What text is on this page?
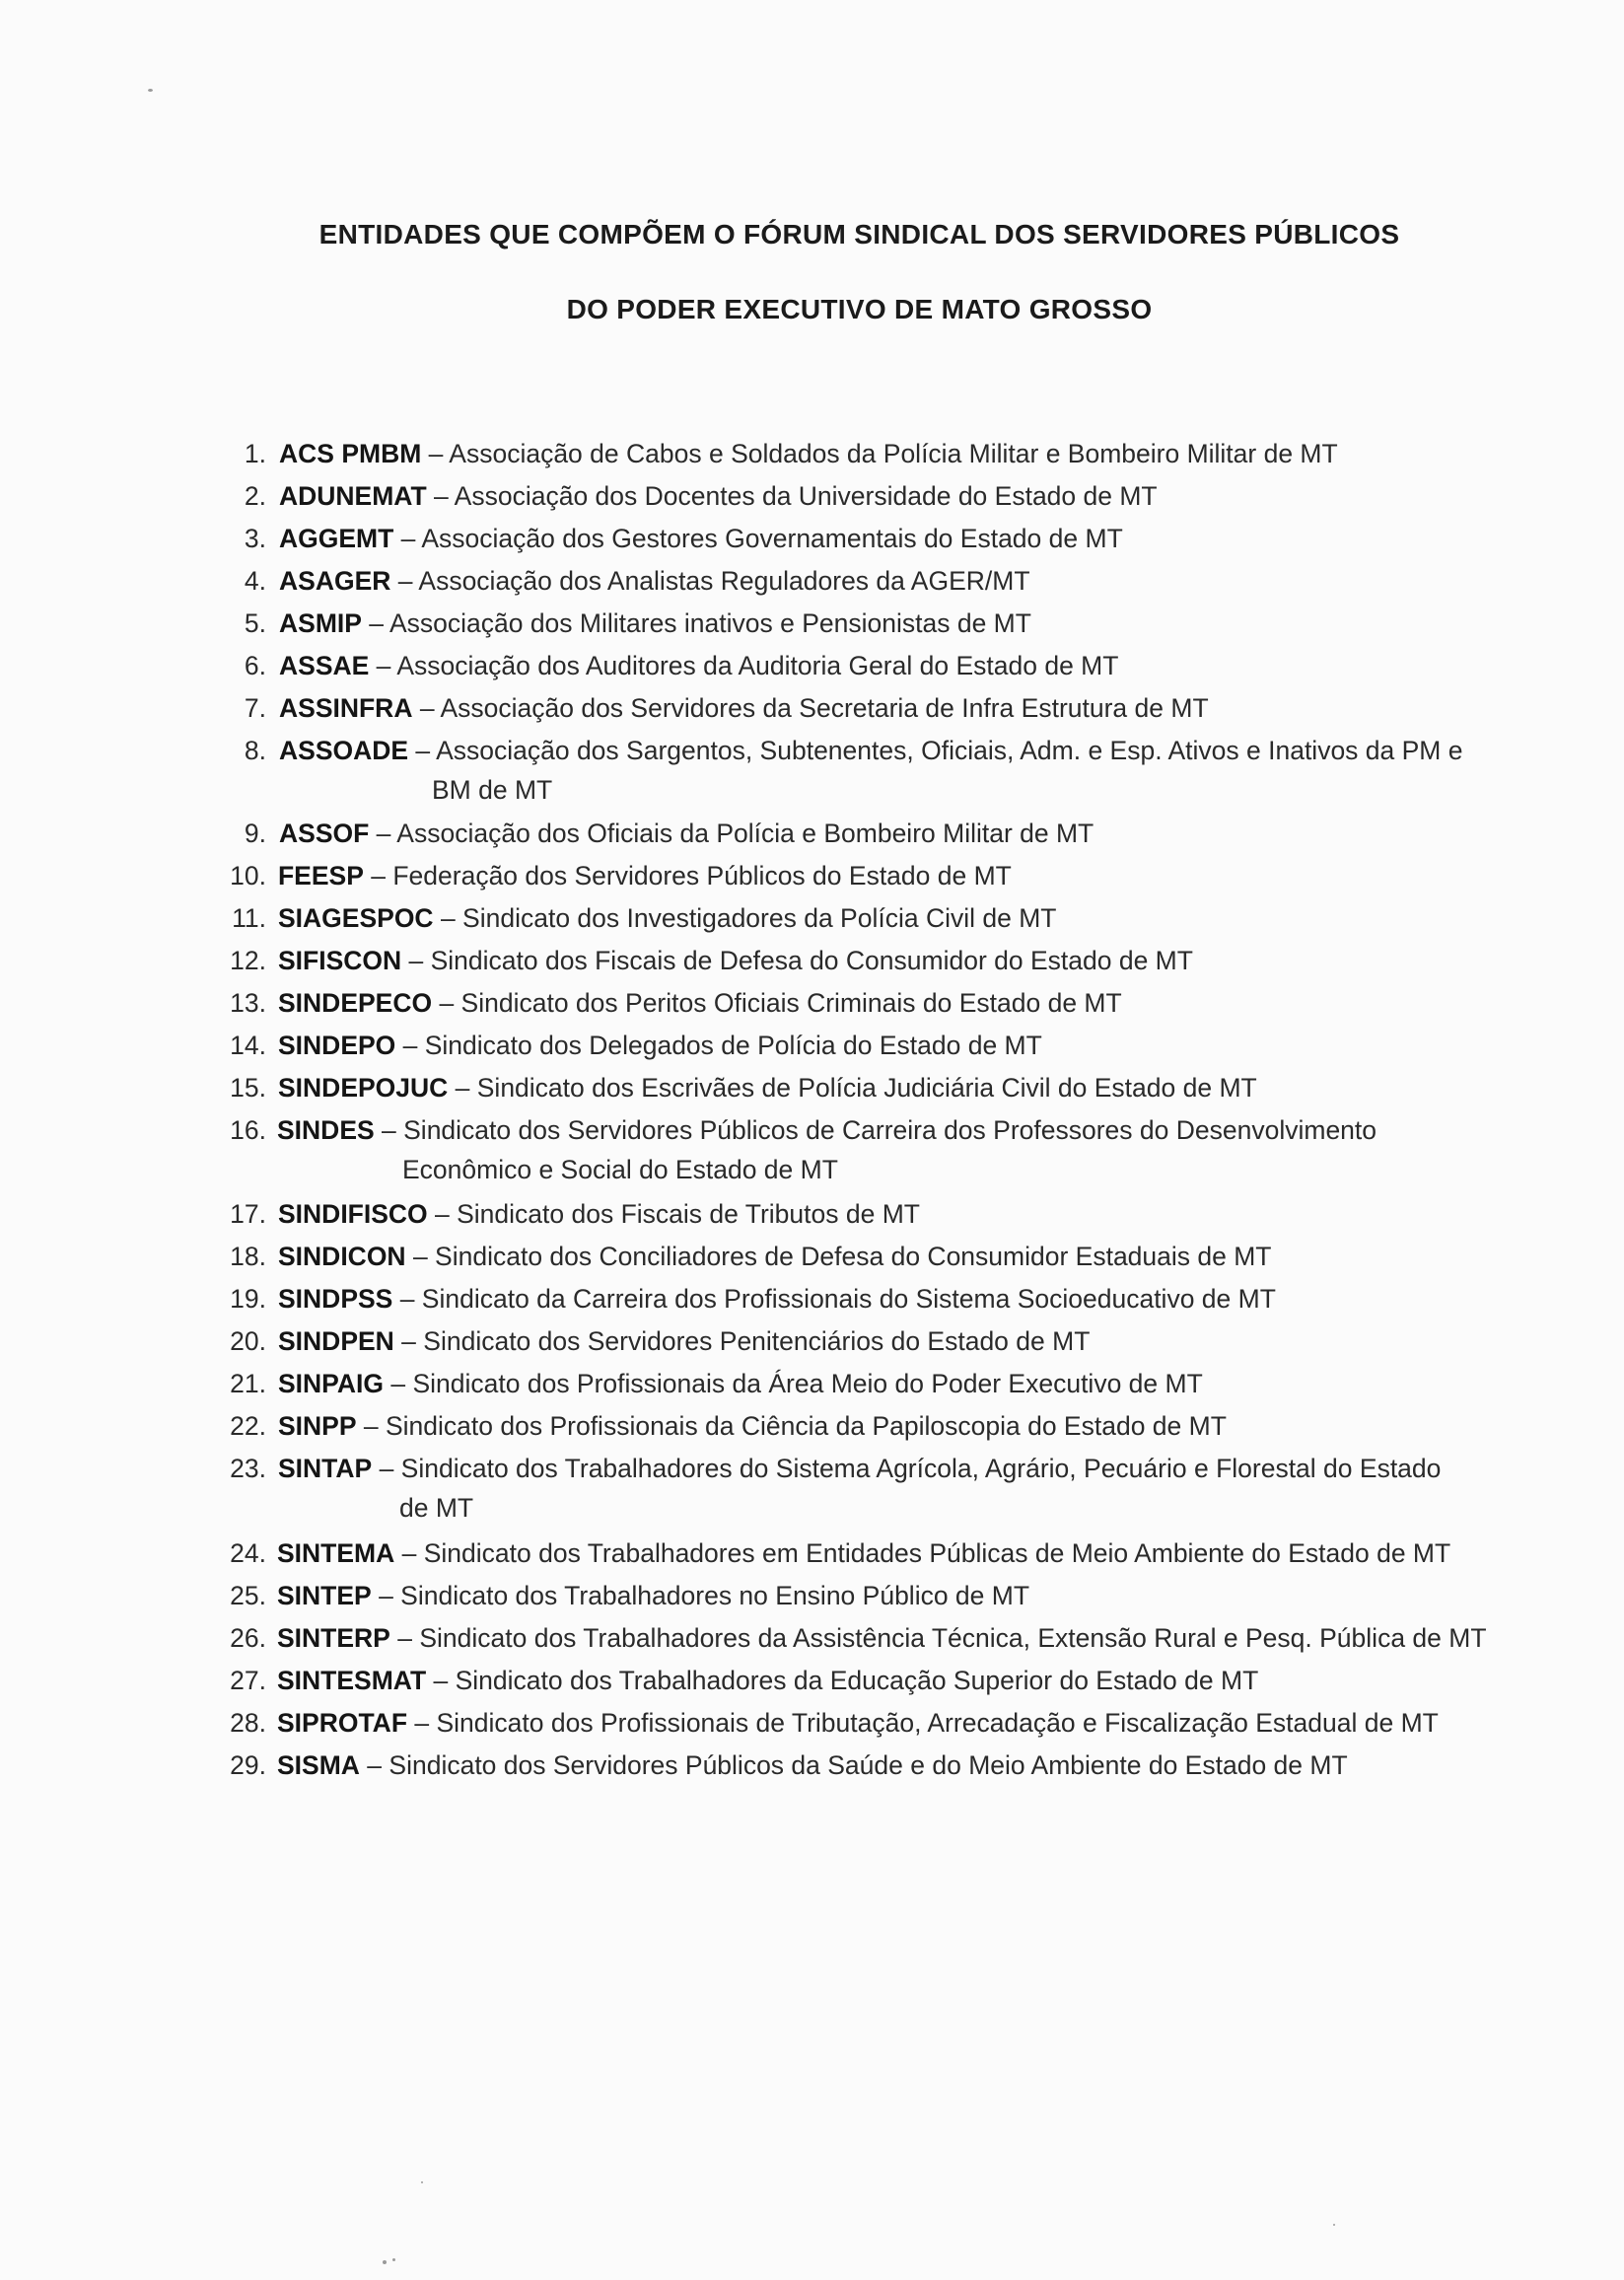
ENTIDADES QUE COMPÕEM O FÓRUM SINDICAL DOS SERVIDORES PÚBLICOS
DO PODER EXECUTIVO DE MATO GROSSO
1. ACS PMBM – Associação de Cabos e Soldados da Polícia Militar e Bombeiro Militar de MT
2. ADUNEMAT – Associação dos Docentes da Universidade do Estado de MT
3. AGGEMT – Associação dos Gestores Governamentais do Estado de MT
4. ASAGER – Associação dos Analistas Reguladores da AGER/MT
5. ASMIP – Associação dos Militares inativos e Pensionistas de MT
6. ASSAE – Associação dos Auditores da Auditoria Geral do Estado de MT
7. ASSINFRA – Associação dos Servidores da Secretaria de Infra Estrutura de MT
8. ASSOADE – Associação dos Sargentos, Subtenentes, Oficiais, Adm. e Esp. Ativos e Inativos da PM e
BM de MT
9. ASSOF – Associação dos Oficiais da Polícia e Bombeiro Militar de MT
10. FEESP – Federação dos Servidores Públicos do Estado de MT
11. SIAGESPOC – Sindicato dos Investigadores da Polícia Civil de MT
12. SIFISCON – Sindicato dos Fiscais de Defesa do Consumidor do Estado de MT
13. SINDEPECO – Sindicato dos Peritos Oficiais Criminais do Estado de MT
14. SINDEPO – Sindicato dos Delegados de Polícia do Estado de MT
15. SINDEPOJUC – Sindicato dos Escrivães de Polícia Judiciária Civil do Estado de MT
16. SINDES – Sindicato dos Servidores Públicos de Carreira dos Professores do Desenvolvimento
Econômico e Social do Estado de MT
17. SINDIFISCO – Sindicato dos Fiscais de Tributos de MT
18. SINDICON – Sindicato dos Conciliadores de Defesa do Consumidor Estaduais de MT
19. SINDPSS – Sindicato da Carreira dos Profissionais do Sistema Socioeducativo de MT
20. SINDPEN – Sindicato dos Servidores Penitenciários do Estado de MT
21. SINPAIG – Sindicato dos Profissionais da Área Meio do Poder Executivo de MT
22. SINPP – Sindicato dos Profissionais da Ciência da Papiloscopia do Estado de MT
23. SINTAP – Sindicato dos Trabalhadores do Sistema Agrícola, Agrário, Pecuário e Florestal do Estado
de MT
24. SINTEMA – Sindicato dos Trabalhadores em Entidades Públicas de Meio Ambiente do Estado de MT
25. SINTEP – Sindicato dos Trabalhadores no Ensino Público de MT
26. SINTERP – Sindicato dos Trabalhadores da Assistência Técnica, Extensão Rural e Pesq. Pública de MT
27. SINTESMAT – Sindicato dos Trabalhadores da Educação Superior do Estado de MT
28. SIPROTAF – Sindicato dos Profissionais de Tributação, Arrecadação e Fiscalização Estadual de MT
29. SISMA – Sindicato dos Servidores Públicos da Saúde e do Meio Ambiente do Estado de MT
